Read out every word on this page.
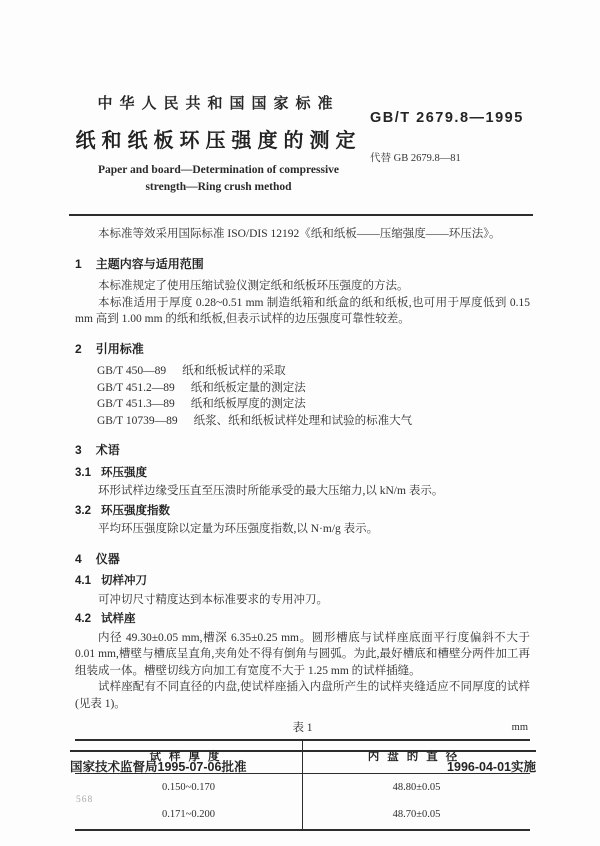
中华人民共和国国家标准
纸和纸板环压强度的测定
Paper and board—Determination of compressive
strength—Ring crush method
GB/T 2679.8—1995
代替 GB 2679.8—81

本标准等效采用国际标准 ISO/DIS 12192《纸和纸板——压缩强度——环压法》。

1 主题内容与适用范围

本标准规定了使用压缩试验仪测定纸和纸板环压强度的方法。

本标准适用于厚度 0.28~0.51 mm 制造纸箱和纸盒的纸和纸板,也可用于厚度低到 0.15 mm 高到 1.00 mm 的纸和纸板,但表示试样的边压强度可靠性较差。

2 引用标准
GB/T 450—89 纸和纸板试样的采取
GB/T 451.2—89 纸和纸板定量的测定法
GB/T 451.3—89 纸和纸板厚度的测定法
GB/T 10739—89 纸浆、纸和纸板试样处理和试验的标准大气
3 术语
3.1 环压强度

环形试样边缘受压直至压溃时所能承受的最大压缩力,以 kN/m 表示。

3.2 环压强度指数

平均环压强度除以定量为环压强度指数,以 N·m/g 表示。

4 仪器
4.1 切样冲刀

可冲切尺寸精度达到本标准要求的专用冲刀。

4.2 试样座

内径 49.30±0.05 mm,槽深 6.35±0.25 mm。圆形槽底与试样座底面平行度偏斜不大于 0.01 mm,槽壁与槽底呈直角,夹角处不得有倒角与圆弧。为此,最好槽底和槽壁分两件加工再组装成一体。槽壁切线方向加工有宽度不大于 1.25 mm 的试样插缝。

试样座配有不同直径的内盘,使试样座插入内盘所产生的试样夹缝适应不同厚度的试样(见表 1)。

表 1	mm
试样厚度	内盘的直径
0.150~0.170	48.80±0.05
0.171~0.200	48.70±0.05
国家技术监督局1995-07-06批准	1996-04-01实施
568
